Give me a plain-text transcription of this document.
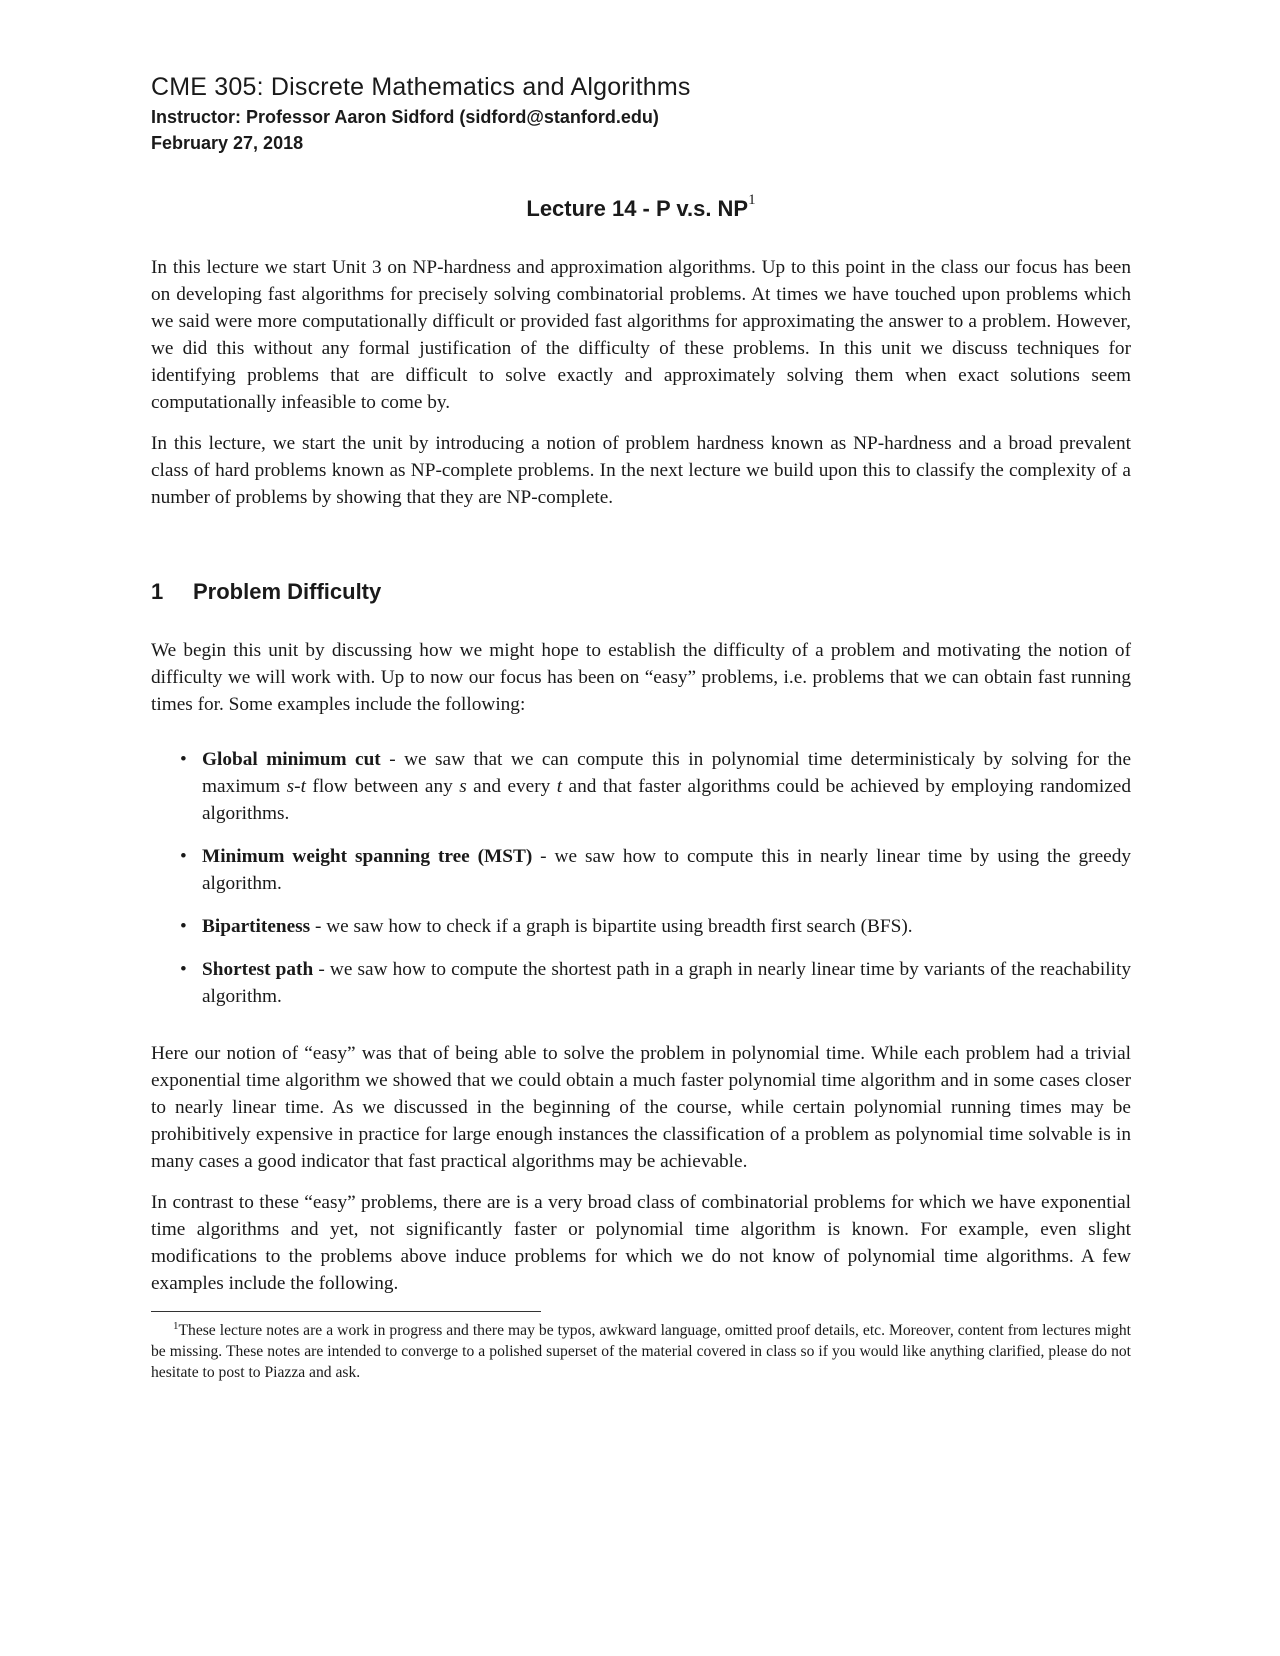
CME 305: Discrete Mathematics and Algorithms

Instructor: Professor Aaron Sidford (sidford@stanford.edu)

February 27, 2018

Lecture 14 - P v.s. $NP^1$

In this lecture we start Unit 3 on NP-hardness and approximation algorithms. Up to this point in the class our focus has been on developing fast algorithms for precisely solving combinatorial problems. At times we have touched upon problems which we said were more computationally difficult or provided fast algorithms for approximating the answer to a problem. However, we did this without any formal justification of the difficulty of these problems. In this unit we discuss techniques for identifying problems that are difficult to solve exactly and approximately solving them when exact solutions seem computationally infeasible to come by.

In this lecture, we start the unit by introducing a notion of problem hardness known as NP-hardness and a broad prevalent class of hard problems known as NP-complete problems. In the next lecture we build upon this to classify the complexity of a number of problems by showing that they are NP-complete.

1 Problem Difficulty

We begin this unit by discussing how we might hope to establish the difficulty of a problem and motivating the notion of difficulty we will work with. Up to now our focus has been on “easy” problems, i.e. problems that we can obtain fast running times for. Some examples include the following:

• Global minimum cut - we saw that we can compute this in polynomial time deterministicaly by solving for the maximum s-t flow between any s and every t and that faster algorithms could be achieved by employing randomized algorithms.
• Minimum weight spanning tree (MST) - we saw how to compute this in nearly linear time by using the greedy algorithm.
• Bipartiteness - we saw how to check if a graph is bipartite using breadth first search (BFS).
• Shortest path - we saw how to compute the shortest path in a graph in nearly linear time by variants of the reachability algorithm.

Here our notion of “easy” was that of being able to solve the problem in polynomial time. While each problem had a trivial exponential time algorithm we showed that we could obtain a much faster polynomial time algorithm and in some cases closer to nearly linear time. As we discussed in the beginning of the course, while certain polynomial running times may be prohibitively expensive in practice for large enough instances the classification of a problem as polynomial time solvable is in many cases a good indicator that fast practical algorithms may be achievable.

In contrast to these “easy” problems, there are is a very broad class of combinatorial problems for which we have exponential time algorithms and yet, not significantly faster or polynomial time algorithm is known. For example, even slight modifications to the problems above induce problems for which we do not know of polynomial time algorithms. A few examples include the following.

$^1$These lecture notes are a work in progress and there may be typos, awkward language, omitted proof details, etc. Moreover, content from lectures might be missing. These notes are intended to converge to a polished superset of the material covered in class so if you would like anything clarified, please do not hesitate to post to Piazza and ask.
